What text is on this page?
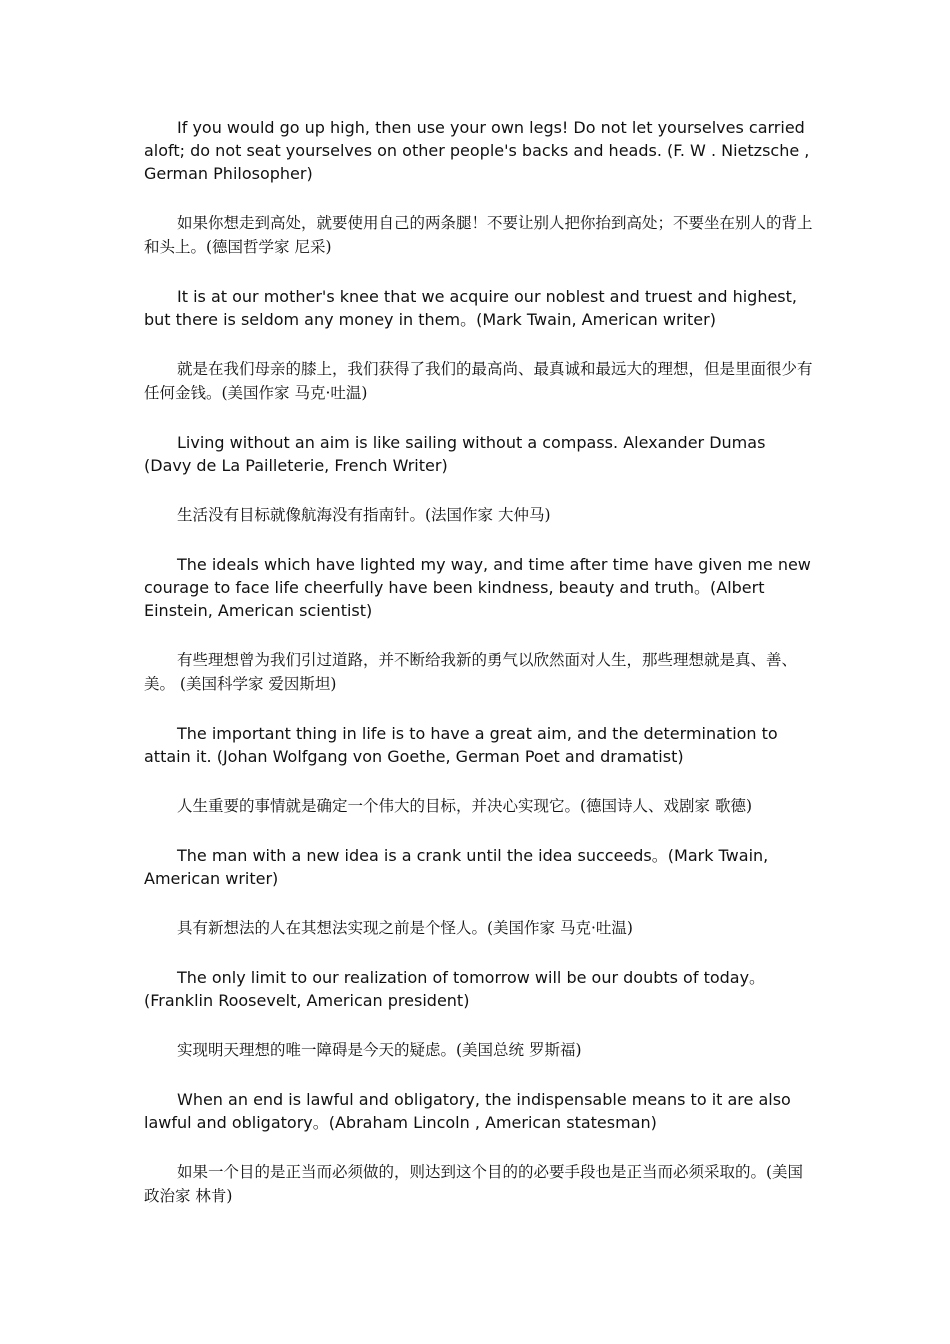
If you would go up high, then use your own legs! Do not let yourselves carried aloft; do not seat yourselves on other people's backs and heads. (F. W . Nietzsche , German Philosopher)

如果你想走到高处，就要使用自己的两条腿！不要让别人把你抬到高处；不要坐在别人的背上和头上。(德国哲学家 尼采)

It is at our mother's knee that we acquire our noblest and truest and highest, but there is seldom any money in them。(Mark Twain, American writer)

就是在我们母亲的膝上，我们获得了我们的最高尚、最真诚和最远大的理想，但是里面很少有任何金钱。(美国作家 马克·吐温)

Living without an aim is like sailing without a compass. Alexander Dumas (Davy de La Pailleterie, French Writer)

生活没有目标就像航海没有指南针。(法国作家 大仲马)

The ideals which have lighted my way, and time after time have given me new courage to face life cheerfully have been kindness, beauty and truth。(Albert Einstein, American scientist)

有些理想曾为我们引过道路，并不断给我新的勇气以欣然面对人生，那些理想就是真、善、美。 (美国科学家 爱因斯坦)

The important thing in life is to have a great aim, and the determination to attain it. (Johan Wolfgang von Goethe, German Poet and dramatist)

人生重要的事情就是确定一个伟大的目标，并决心实现它。(德国诗人、戏剧家 歌德)

The man with a new idea is a crank until the idea succeeds。(Mark Twain, American writer)

具有新想法的人在其想法实现之前是个怪人。(美国作家 马克·吐温)

The only limit to our realization of tomorrow will be our doubts of today。(Franklin Roosevelt, American president)

实现明天理想的唯一障碍是今天的疑虑。(美国总统 罗斯福)

When an end is lawful and obligatory, the indispensable means to it are also lawful and obligatory。(Abraham Lincoln , American statesman)

如果一个目的是正当而必须做的，则达到这个目的的必要手段也是正当而必须采取的。(美国政治家 林肯)
